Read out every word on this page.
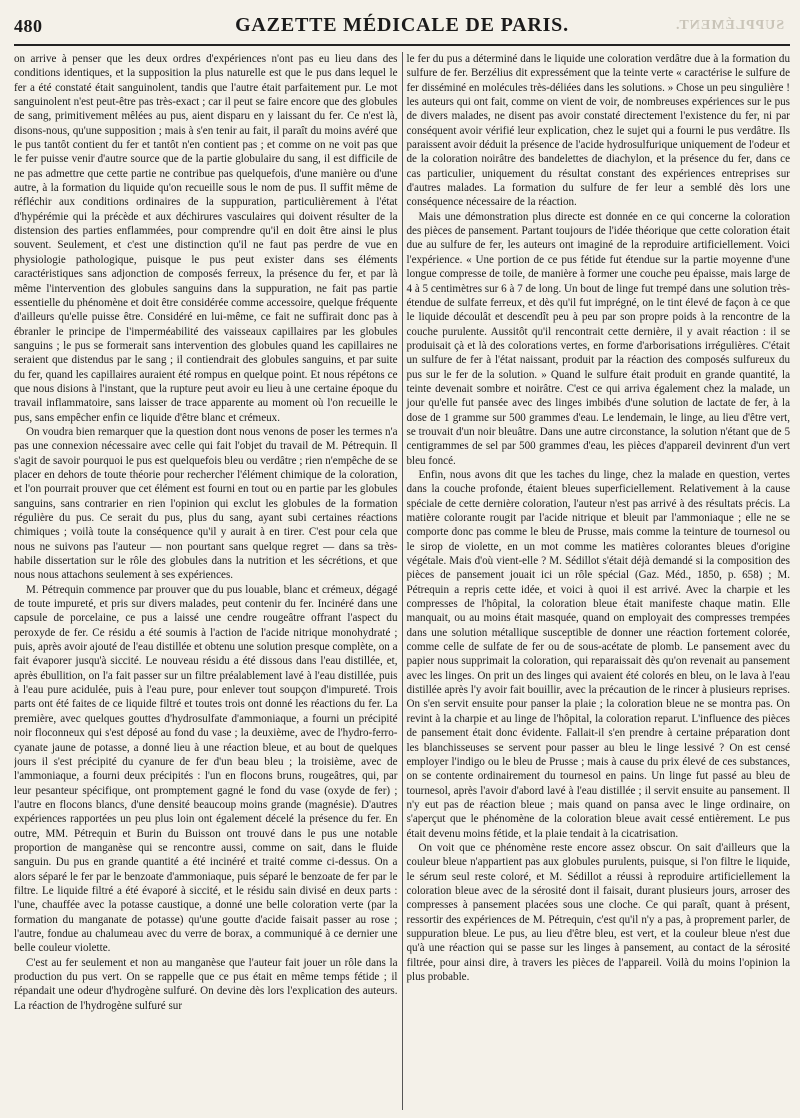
480	GAZETTE MÉDICALE DE PARIS.	SUPPLÉMENT.

on arrive à penser que les deux ordres d'expériences n'ont pas eu lieu dans des conditions identiques, et la supposition la plus naturelle est que le pus dans lequel le fer a été constaté était sanguinolent, tandis que l'autre était parfaitement pur. Le mot sanguinolent n'est peut-être pas très-exact ; car il peut se faire encore que des globules de sang, primitivement mêlées au pus, aient disparu en y laissant du fer. Ce n'est là, disons-nous, qu'une supposition ; mais à s'en tenir au fait, il paraît du moins avéré que le pus tantôt contient du fer et tantôt n'en contient pas ; et comme on ne voit pas que le fer puisse venir d'autre source que de la partie globulaire du sang, il est difficile de ne pas admettre que cette partie ne contribue pas quelquefois, d'une manière ou d'une autre, à la formation du liquide qu'on recueille sous le nom de pus. Il suffit même de réfléchir aux conditions ordinaires de la suppuration, particulièrement à l'état d'hypérémie qui la précède et aux déchirures vasculaires qui doivent résulter de la distension des parties enflammées, pour comprendre qu'il en doit être ainsi le plus souvent. Seulement, et c'est une distinction qu'il ne faut pas perdre de vue en physiologie pathologique, puisque le pus peut exister dans ses éléments caractéristiques sans adjonction de composés ferreux, la présence du fer, et par là même l'intervention des globules sanguins dans la suppuration, ne fait pas partie essentielle du phénomène et doit être considérée comme accessoire, quelque fréquente d'ailleurs qu'elle puisse être. Considéré en lui-même, ce fait ne suffirait donc pas à ébranler le principe de l'imperméabilité des vaisseaux capillaires par les globules sanguins ; le pus se formerait sans intervention des globules quand les capillaires ne seraient que distendus par le sang ; il contiendrait des globules sanguins, et par suite du fer, quand les capillaires auraient été rompus en quelque point. Et nous répétons ce que nous disions à l'instant, que la rupture peut avoir eu lieu à une certaine époque du travail inflammatoire, sans laisser de trace apparente au moment où l'on recueille le pus, sans empêcher enfin ce liquide d'être blanc et crémeux.

On voudra bien remarquer que la question dont nous venons de poser les termes n'a pas une connexion nécessaire avec celle qui fait l'objet du travail de M. Pétrequin. Il s'agit de savoir pourquoi le pus est quelquefois bleu ou verdâtre ; rien n'empêche de se placer en dehors de toute théorie pour rechercher l'élément chimique de la coloration, et l'on pourrait prouver que cet élément est fourni en tout ou en partie par les globules sanguins, sans contrarier en rien l'opinion qui exclut les globules de la formation régulière du pus. Ce serait du pus, plus du sang, ayant subi certaines réactions chimiques ; voilà toute la conséquence qu'il y aurait à en tirer. C'est pour cela que nous ne suivons pas l'auteur — non pourtant sans quelque regret — dans sa très-habile dissertation sur le rôle des globules dans la nutrition et les sécrétions, et que nous nous attachons seulement à ses expériences.

M. Pétrequin commence par prouver que du pus louable, blanc et crémeux, dégagé de toute impureté, et pris sur divers malades, peut contenir du fer. Incinéré dans une capsule de porcelaine, ce pus a laissé une cendre rougeâtre offrant l'aspect du peroxyde de fer. Ce résidu a été soumis à l'action de l'acide nitrique monohydraté ; puis, après avoir ajouté de l'eau distillée et obtenu une solution presque complète, on a fait évaporer jusqu'à siccité. Le nouveau résidu a été dissous dans l'eau distillée, et, après ébullition, on l'a fait passer sur un filtre préalablement lavé à l'eau distillée, puis à l'eau pure acidulée, puis à l'eau pure, pour enlever tout soupçon d'impureté. Trois parts ont été faites de ce liquide filtré et toutes trois ont donné les réactions du fer. La première, avec quelques gouttes d'hydrosulfate d'ammoniaque, a fourni un précipité noir floconneux qui s'est déposé au fond du vase ; la deuxième, avec de l'hydro-ferro-cyanate jaune de potasse, a donné lieu à une réaction bleue, et au bout de quelques jours il s'est précipité du cyanure de fer d'un beau bleu ; la troisième, avec de l'ammoniaque, a fourni deux précipités : l'un en flocons bruns, rougeâtres, qui, par leur pesanteur spécifique, ont promptement gagné le fond du vase (oxyde de fer) ; l'autre en flocons blancs, d'une densité beaucoup moins grande (magnésie). D'autres expériences rapportées un peu plus loin ont également décelé la présence du fer. En outre, MM. Pétrequin et Burin du Buisson ont trouvé dans le pus une notable proportion de manganèse qui se rencontre aussi, comme on sait, dans le fluide sanguin. Du pus en grande quantité a été incinéré et traité comme ci-dessus. On a alors séparé le fer par le benzoate d'ammoniaque, puis séparé le benzoate de fer par le filtre. Le liquide filtré a été évaporé à siccité, et le résidu sain divisé en deux parts : l'une, chauffée avec la potasse caustique, a donné une belle coloration verte (par la formation du manganate de potasse) qu'une goutte d'acide faisait passer au rose ; l'autre, fondue au chalumeau avec du verre de borax, a communiqué à ce dernier une belle couleur violette.

C'est au fer seulement et non au manganèse que l'auteur fait jouer un rôle dans la production du pus vert. On se rappelle que ce pus était en même temps fétide ; il répandait une odeur d'hydrogène sulfuré. On devine dès lors l'explication des auteurs. La réaction de l'hydrogène sulfuré sur

le fer du pus a déterminé dans le liquide une coloration verdâtre due à la formation du sulfure de fer. Berzélius dit expressément que la teinte verte « caractérise le sulfure de fer disséminé en molécules très-déliées dans les solutions. » Chose un peu singulière ! les auteurs qui ont fait, comme on vient de voir, de nombreuses expériences sur le pus de divers malades, ne disent pas avoir constaté directement l'existence du fer, ni par conséquent avoir vérifié leur explication, chez le sujet qui a fourni le pus verdâtre. Ils paraissent avoir déduit la présence de l'acide hydrosulfurique uniquement de l'odeur et de la coloration noirâtre des bandelettes de diachylon, et la présence du fer, dans ce cas particulier, uniquement du résultat constant des expériences entreprises sur d'autres malades. La formation du sulfure de fer leur a semblé dès lors une conséquence nécessaire de la réaction.

Mais une démonstration plus directe est donnée en ce qui concerne la coloration des pièces de pansement. Partant toujours de l'idée théorique que cette coloration était due au sulfure de fer, les auteurs ont imaginé de la reproduire artificiellement. Voici l'expérience. « Une portion de ce pus fétide fut étendue sur la partie moyenne d'une longue compresse de toile, de manière à former une couche peu épaisse, mais large de 4 à 5 centimètres sur 6 à 7 de long. Un bout de linge fut trempé dans une solution très-étendue de sulfate ferreux, et dès qu'il fut imprégné, on le tint élevé de façon à ce que le liquide découlât et descendît peu à peu par son propre poids à la rencontre de la couche purulente. Aussitôt qu'il rencontrait cette dernière, il y avait réaction : il se produisait çà et là des colorations vertes, en forme d'arborisations irrégulières. C'était un sulfure de fer à l'état naissant, produit par la réaction des composés sulfureux du pus sur le fer de la solution. » Quand le sulfure était produit en grande quantité, la teinte devenait sombre et noirâtre. C'est ce qui arriva également chez la malade, un jour qu'elle fut pansée avec des linges imbibés d'une solution de lactate de fer, à la dose de 1 gramme sur 500 grammes d'eau. Le lendemain, le linge, au lieu d'être vert, se trouvait d'un noir bleuâtre. Dans une autre circonstance, la solution n'étant que de 5 centigrammes de sel par 500 grammes d'eau, les pièces d'appareil devinrent d'un vert bleu foncé.

Enfin, nous avons dit que les taches du linge, chez la malade en question, vertes dans la couche profonde, étaient bleues superficiellement. Relativement à la cause spéciale de cette dernière coloration, l'auteur n'est pas arrivé à des résultats précis. La matière colorante rougit par l'acide nitrique et bleuit par l'ammoniaque ; elle ne se comporte donc pas comme le bleu de Prusse, mais comme la teinture de tournesol ou le sirop de violette, en un mot comme les matières colorantes bleues d'origine végétale. Mais d'où vient-elle ? M. Sédillot s'était déjà demandé si la composition des pièces de pansement jouait ici un rôle spécial (Gaz. Méd., 1850, p. 658) ; M. Pétrequin a repris cette idée, et voici à quoi il est arrivé. Avec la charpie et les compresses de l'hôpital, la coloration bleue était manifeste chaque matin. Elle manquait, ou au moins était masquée, quand on employait des compresses trempées dans une solution métallique susceptible de donner une réaction fortement colorée, comme celle de sulfate de fer ou de sous-acétate de plomb. Le pansement avec du papier nous supprimait la coloration, qui reparaissait dès qu'on revenait au pansement avec les linges. On prit un des linges qui avaient été colorés en bleu, on le lava à l'eau distillée après l'y avoir fait bouillir, avec la précaution de le rincer à plusieurs reprises. On s'en servit ensuite pour panser la plaie ; la coloration bleue ne se montra pas. On revint à la charpie et au linge de l'hôpital, la coloration reparut. L'influence des pièces de pansement était donc évidente. Fallait-il s'en prendre à certaine préparation dont les blanchisseuses se servent pour passer au bleu le linge lessivé ? On est censé employer l'indigo ou le bleu de Prusse ; mais à cause du prix élevé de ces substances, on se contente ordinairement du tournesol en pains. Un linge fut passé au bleu de tournesol, après l'avoir d'abord lavé à l'eau distillée ; il servit ensuite au pansement. Il n'y eut pas de réaction bleue ; mais quand on pansa avec le linge ordinaire, on s'aperçut que le phénomène de la coloration bleue avait cessé entièrement. Le pus était devenu moins fétide, et la plaie tendait à la cicatrisation.

On voit que ce phénomène reste encore assez obscur. On sait d'ailleurs que la couleur bleue n'appartient pas aux globules purulents, puisque, si l'on filtre le liquide, le sérum seul reste coloré, et M. Sédillot a réussi à reproduire artificiellement la coloration bleue avec de la sérosité dont il faisait, durant plusieurs jours, arroser des compresses à pansement placées sous une cloche. Ce qui paraît, quant à présent, ressortir des expériences de M. Pétrequin, c'est qu'il n'y a pas, à proprement parler, de suppuration bleue. Le pus, au lieu d'être bleu, est vert, et la couleur bleue n'est due qu'à une réaction qui se passe sur les linges à pansement, au contact de la sérosité filtrée, pour ainsi dire, à travers les pièces de l'appareil. Voilà du moins l'opinion la plus probable.
